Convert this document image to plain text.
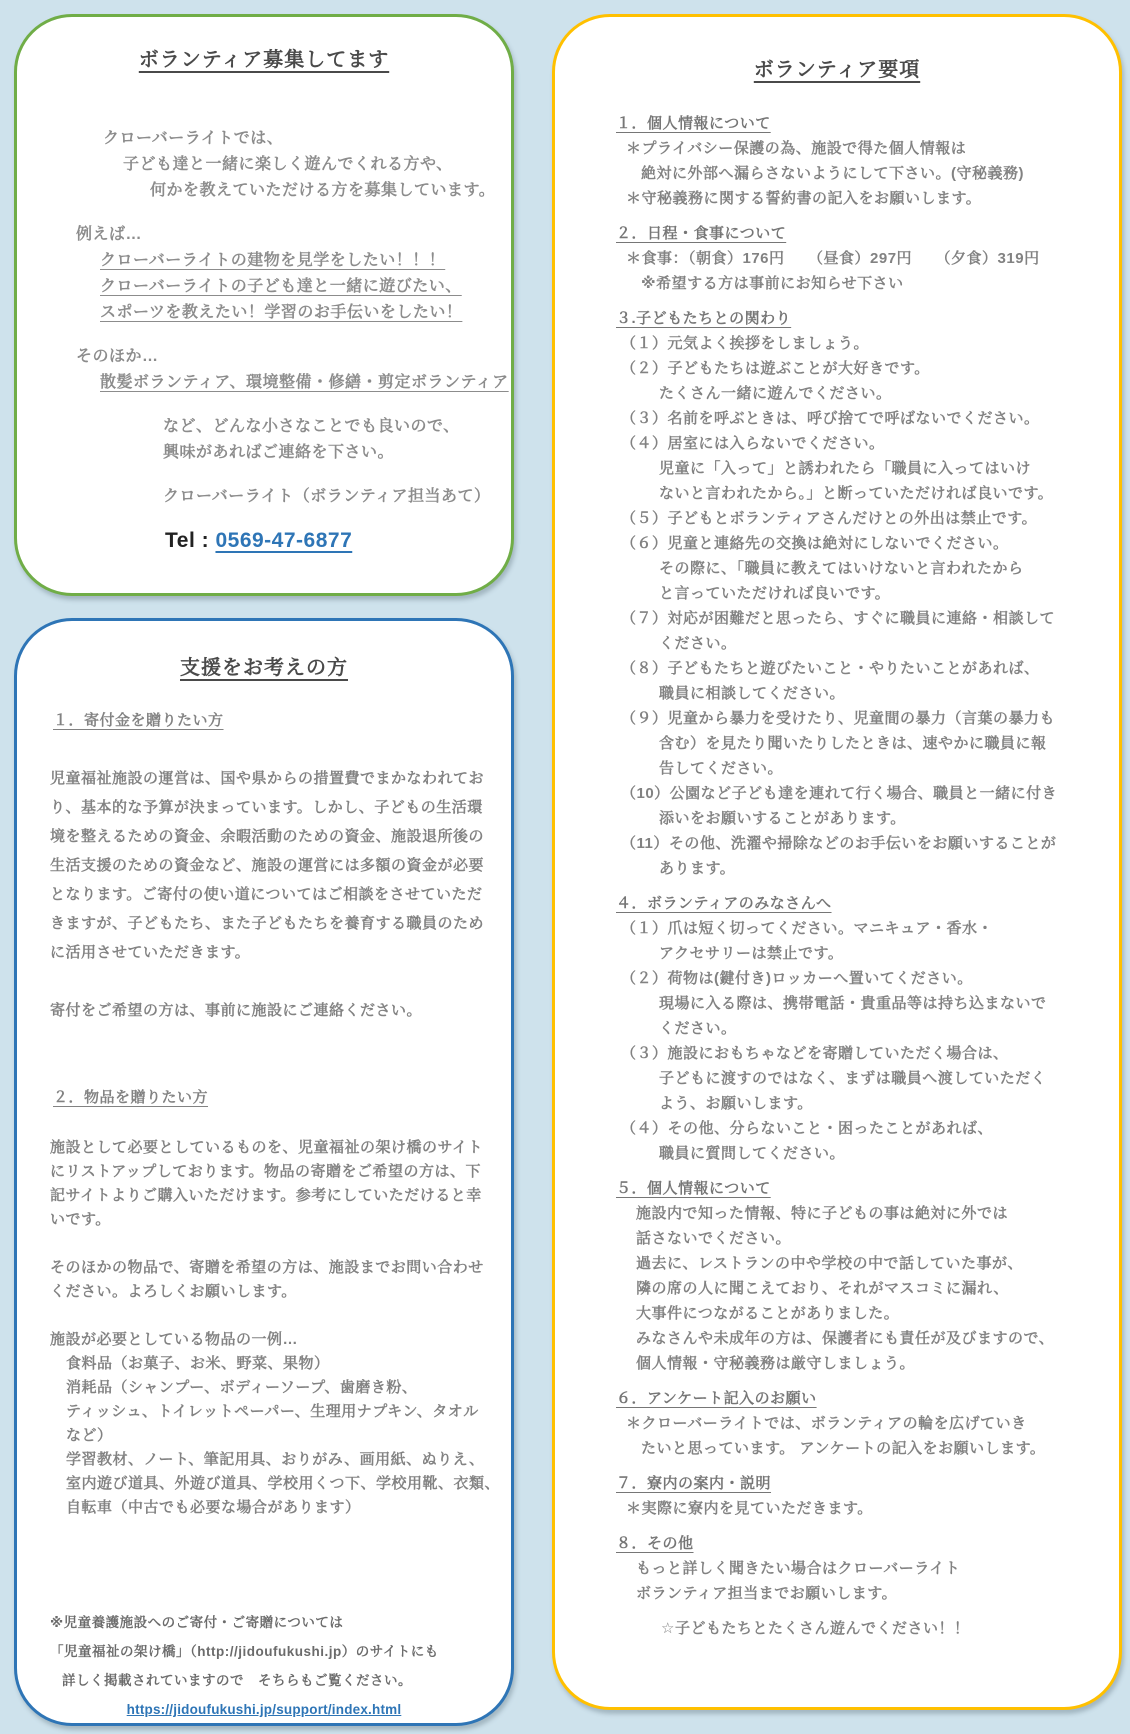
ボランティア募集してます
クローバーライトでは、
子ども達と一緒に楽しく遊んでくれる方や、
何かを教えていただける方を募集しています。

例えば…
クローバーライトの建物を見学をしたい！！！
クローバーライトの子ども達と一緒に遊びたい、
スポーツを教えたい！学習のお手伝いをしたい！

そのほか…
散髪ボランティア、環境整備・修繕・剪定ボランティア

など、どんな小さなことでも良いので、
興味があればご連絡を下さい。

クローバーライト（ボランティア担当あて）
Tel : 0569-47-6877
支援をお考えの方
１．寄付金を贈りたい方

児童福祉施設の運営は、国や県からの措置費でまかなわれてお
り、基本的な予算が決まっています。しかし、子どもの生活環
境を整えるための資金、余暇活動のための資金、施設退所後の
生活支援のための資金など、施設の運営には多額の資金が必要
となります。ご寄付の使い道についてはご相談をさせていただ
きますが、子どもたち、また子どもたちを養育する職員のため
に活用させていただきます。

寄付をご希望の方は、事前に施設にご連絡ください。

２．物品を贈りたい方

施設として必要としているものを、児童福祉の架け橋のサイト
にリストアップしております。物品の寄贈をご希望の方は、下
記サイトよりご購入いただけます。参考にしていただけると幸
いです。

そのほかの物品で、寄贈を希望の方は、施設までお問い合わせ
ください。よろしくお願いします。

施設が必要としている物品の一例…
食料品（お菓子、お米、野菜、果物）
消耗品（シャンプー、ボディーソープ、歯磨き粉、
ティッシュ、トイレットペーパー、生理用ナプキン、タオル
など）
学習教材、ノート、筆記用具、おりがみ、画用紙、ぬりえ、
室内遊び道具、外遊び道具、学校用くつ下、学校用靴、衣類、
自転車（中古でも必要な場合があります）

※児童養護施設へのご寄付・ご寄贈については
「児童福祉の架け橋」（http://jidoufukushi.jp）のサイトにも
詳しく掲載されていますので　そちらもご覧ください。
https://jidoufukushi.jp/support/index.html
ボランティア要項
１．個人情報について
＊プライバシー保護の為、施設で得た個人情報は
絶対に外部へ漏らさないようにして下さい。(守秘義務)
＊守秘義務に関する誓約書の記入をお願いします。

２．日程・食事について
＊食事：（朝食）176円　　（昼食）297円　　（夕食）319円
※希望する方は事前にお知らせ下さい

３.子どもたちとの関わり
（１）元気よく挨拶をしましょう。
（２）子どもたちは遊ぶことが大好きです。
たくさん一緒に遊んでください。
（３）名前を呼ぶときは、呼び捨てで呼ばないでください。
（４）居室には入らないでください。
児童に「入って」と誘われたら「職員に入ってはいけ
ないと言われたから。」と断っていただければ良いです。
（５）子どもとボランティアさんだけとの外出は禁止です。
（６）児童と連絡先の交換は絶対にしないでください。
その際に、「職員に教えてはいけないと言われたから
と言っていただければ良いです。
（７）対応が困難だと思ったら、すぐに職員に連絡・相談して
ください。
（８）子どもたちと遊びたいこと・やりたいことがあれば、
職員に相談してください。
（９）児童から暴力を受けたり、児童間の暴力（言葉の暴力も
含む）を見たり聞いたりしたときは、速やかに職員に報
告してください。
（10）公園など子ども達を連れて行く場合、職員と一緒に付き
添いをお願いすることがあります。
（11）その他、洗濯や掃除などのお手伝いをお願いすることが
あります。

４．ボランティアのみなさんへ
（１）爪は短く切ってください。マニキュア・香水・
アクセサリーは禁止です。
（２）荷物は(鍵付き)ロッカーへ置いてください。
現場に入る際は、携帯電話・貴重品等は持ち込まないで
ください。
（３）施設におもちゃなどを寄贈していただく場合は、
子どもに渡すのではなく、まずは職員へ渡していただく
よう、お願いします。
（４）その他、分らないこと・困ったことがあれば、
職員に質問してください。

５．個人情報について
施設内で知った情報、特に子どもの事は絶対に外では
話さないでください。
過去に、レストランの中や学校の中で話していた事が、
隣の席の人に聞こえており、それがマスコミに漏れ、
大事件につながることがありました。
みなさんや未成年の方は、保護者にも責任が及びますので、
個人情報・守秘義務は厳守しましょう。

６．アンケート記入のお願い
＊クローバーライトでは、ボランティアの輪を広げていき
たいと思っています。 アンケートの記入をお願いします。

７．寮内の案内・説明
＊実際に寮内を見ていただきます。

８．その他
もっと詳しく聞きたい場合はクローバーライト
ボランティア担当までお願いします。

☆子どもたちとたくさん遊んでください！！
